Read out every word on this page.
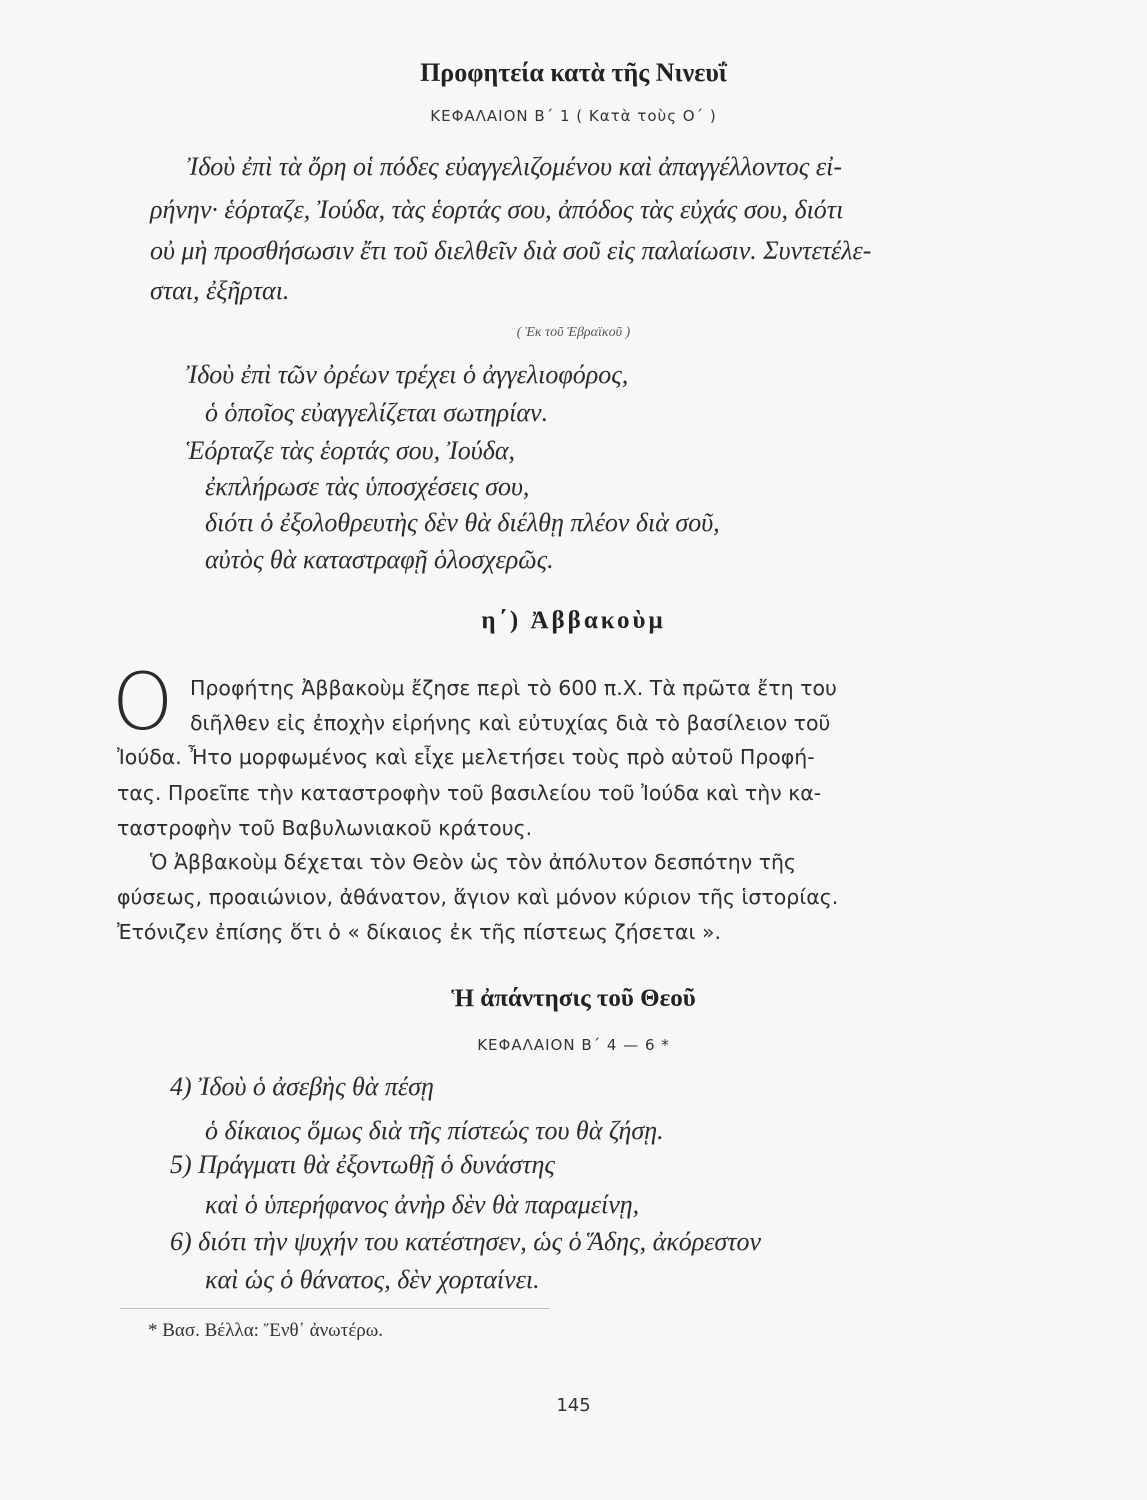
Προφητεία κατὰ τῆς Νινευΐ
ΚΕΦΑΛΑΙΟΝ Β΄ 1 ( Κατὰ τοὺς Ο΄ )
Ἰδοὺ ἐπὶ τὰ ὄρη οἱ πόδες εὐαγγελιζομένου καὶ ἀπαγγέλλοντος εἰ-
ρήνην· ἑόρταζε, Ἰούδα, τὰς ἑορτάς σου, ἀπόδος τὰς εὐχάς σου, διότι
οὐ μὴ προσθήσωσιν ἔτι τοῦ διελθεῖν διὰ σοῦ εἰς παλαίωσιν. Συντετέλε-
σται, ἐξῆρται.
( Ἐκ τοῦ Ἑβραϊκοῦ )
Ἰδοὺ ἐπὶ τῶν ὀρέων τρέχει ὁ ἀγγελιοφόρος,
ὁ ὁποῖος εὐαγγελίζεται σωτηρίαν.
Ἑόρταζε τὰς ἑορτάς σου, Ἰούδα,
ἐκπλήρωσε τὰς ὑποσχέσεις σου,
διότι ὁ ἐξολοθρευτὴς δὲν θὰ διέλθῃ πλέον διὰ σοῦ,
αὐτὸς θὰ καταστραφῇ ὁλοσχερῶς.
η΄) Ἀββακοὺμ
Ο Προφήτης Ἀββακοὺμ ἔζησε περὶ τὸ 600 π.Χ. Τὰ πρῶτα ἔτη του
διῆλθεν εἰς ἐποχὴν εἰρήνης καὶ εὐτυχίας διὰ τὸ βασίλειον τοῦ
Ἰούδα. Ἦτο μορφωμένος καὶ εἶχε μελετήσει τοὺς πρὸ αὐτοῦ Προφή-
τας. Προεῖπε τὴν καταστροφὴν τοῦ βασιλείου τοῦ Ἰούδα καὶ τὴν κα-
ταστροφὴν τοῦ Βαβυλωνιακοῦ κράτους.
Ὁ Ἀββακοὺμ δέχεται τὸν Θεὸν ὡς τὸν ἀπόλυτον δεσπότην τῆς
φύσεως, προαιώνιον, ἀθάνατον, ἅγιον καὶ μόνον κύριον τῆς ἱστορίας.
Ἐτόνιζεν ἐπίσης ὅτι ὁ « δίκαιος ἐκ τῆς πίστεως ζήσεται ».
Ἡ ἀπάντησις τοῦ Θεοῦ
ΚΕΦΑΛΑΙΟΝ Β΄ 4 — 6 *
4) Ἰδοὺ ὁ ἀσεβὴς θὰ πέσῃ
ὁ δίκαιος ὅμως διὰ τῆς πίστεώς του θὰ ζήσῃ.
5) Πράγματι θὰ ἐξοντωθῇ ὁ δυνάστης
καὶ ὁ ὑπερήφανος ἀνὴρ δὲν θὰ παραμείνῃ,
6) διότι τὴν ψυχήν του κατέστησεν, ὡς ὁ Ἅδης, ἀκόρεστον
καὶ ὡς ὁ θάνατος, δὲν χορταίνει.
* Βασ. Βέλλα: Ἔνθ᾽ ἀνωτέρω.
145
